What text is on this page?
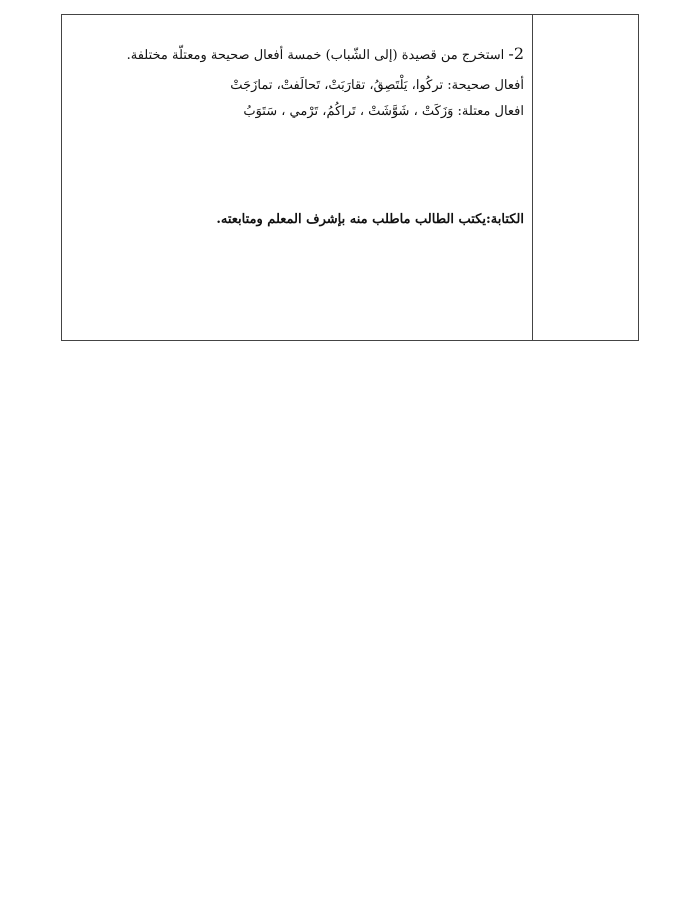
2- استخرج من قصيدة (إلى الشّباب) خمسة أفعال صحيحة ومعتلّة مختلفة.
أفعال صحيحة: تركُوا، يَلْتَصِقُ، تقارَبَتْ، تَحالَفتْ، تمازَجَتْ
افعال معتلة: وَزَكَتْ ، شَوَّشَتْ ، تَراكُمُ، تَرْمي ، سَتَوَبُ
الكتابة:يكتب الطالب ماطلب منه بإشرف المعلم ومتابعته.
